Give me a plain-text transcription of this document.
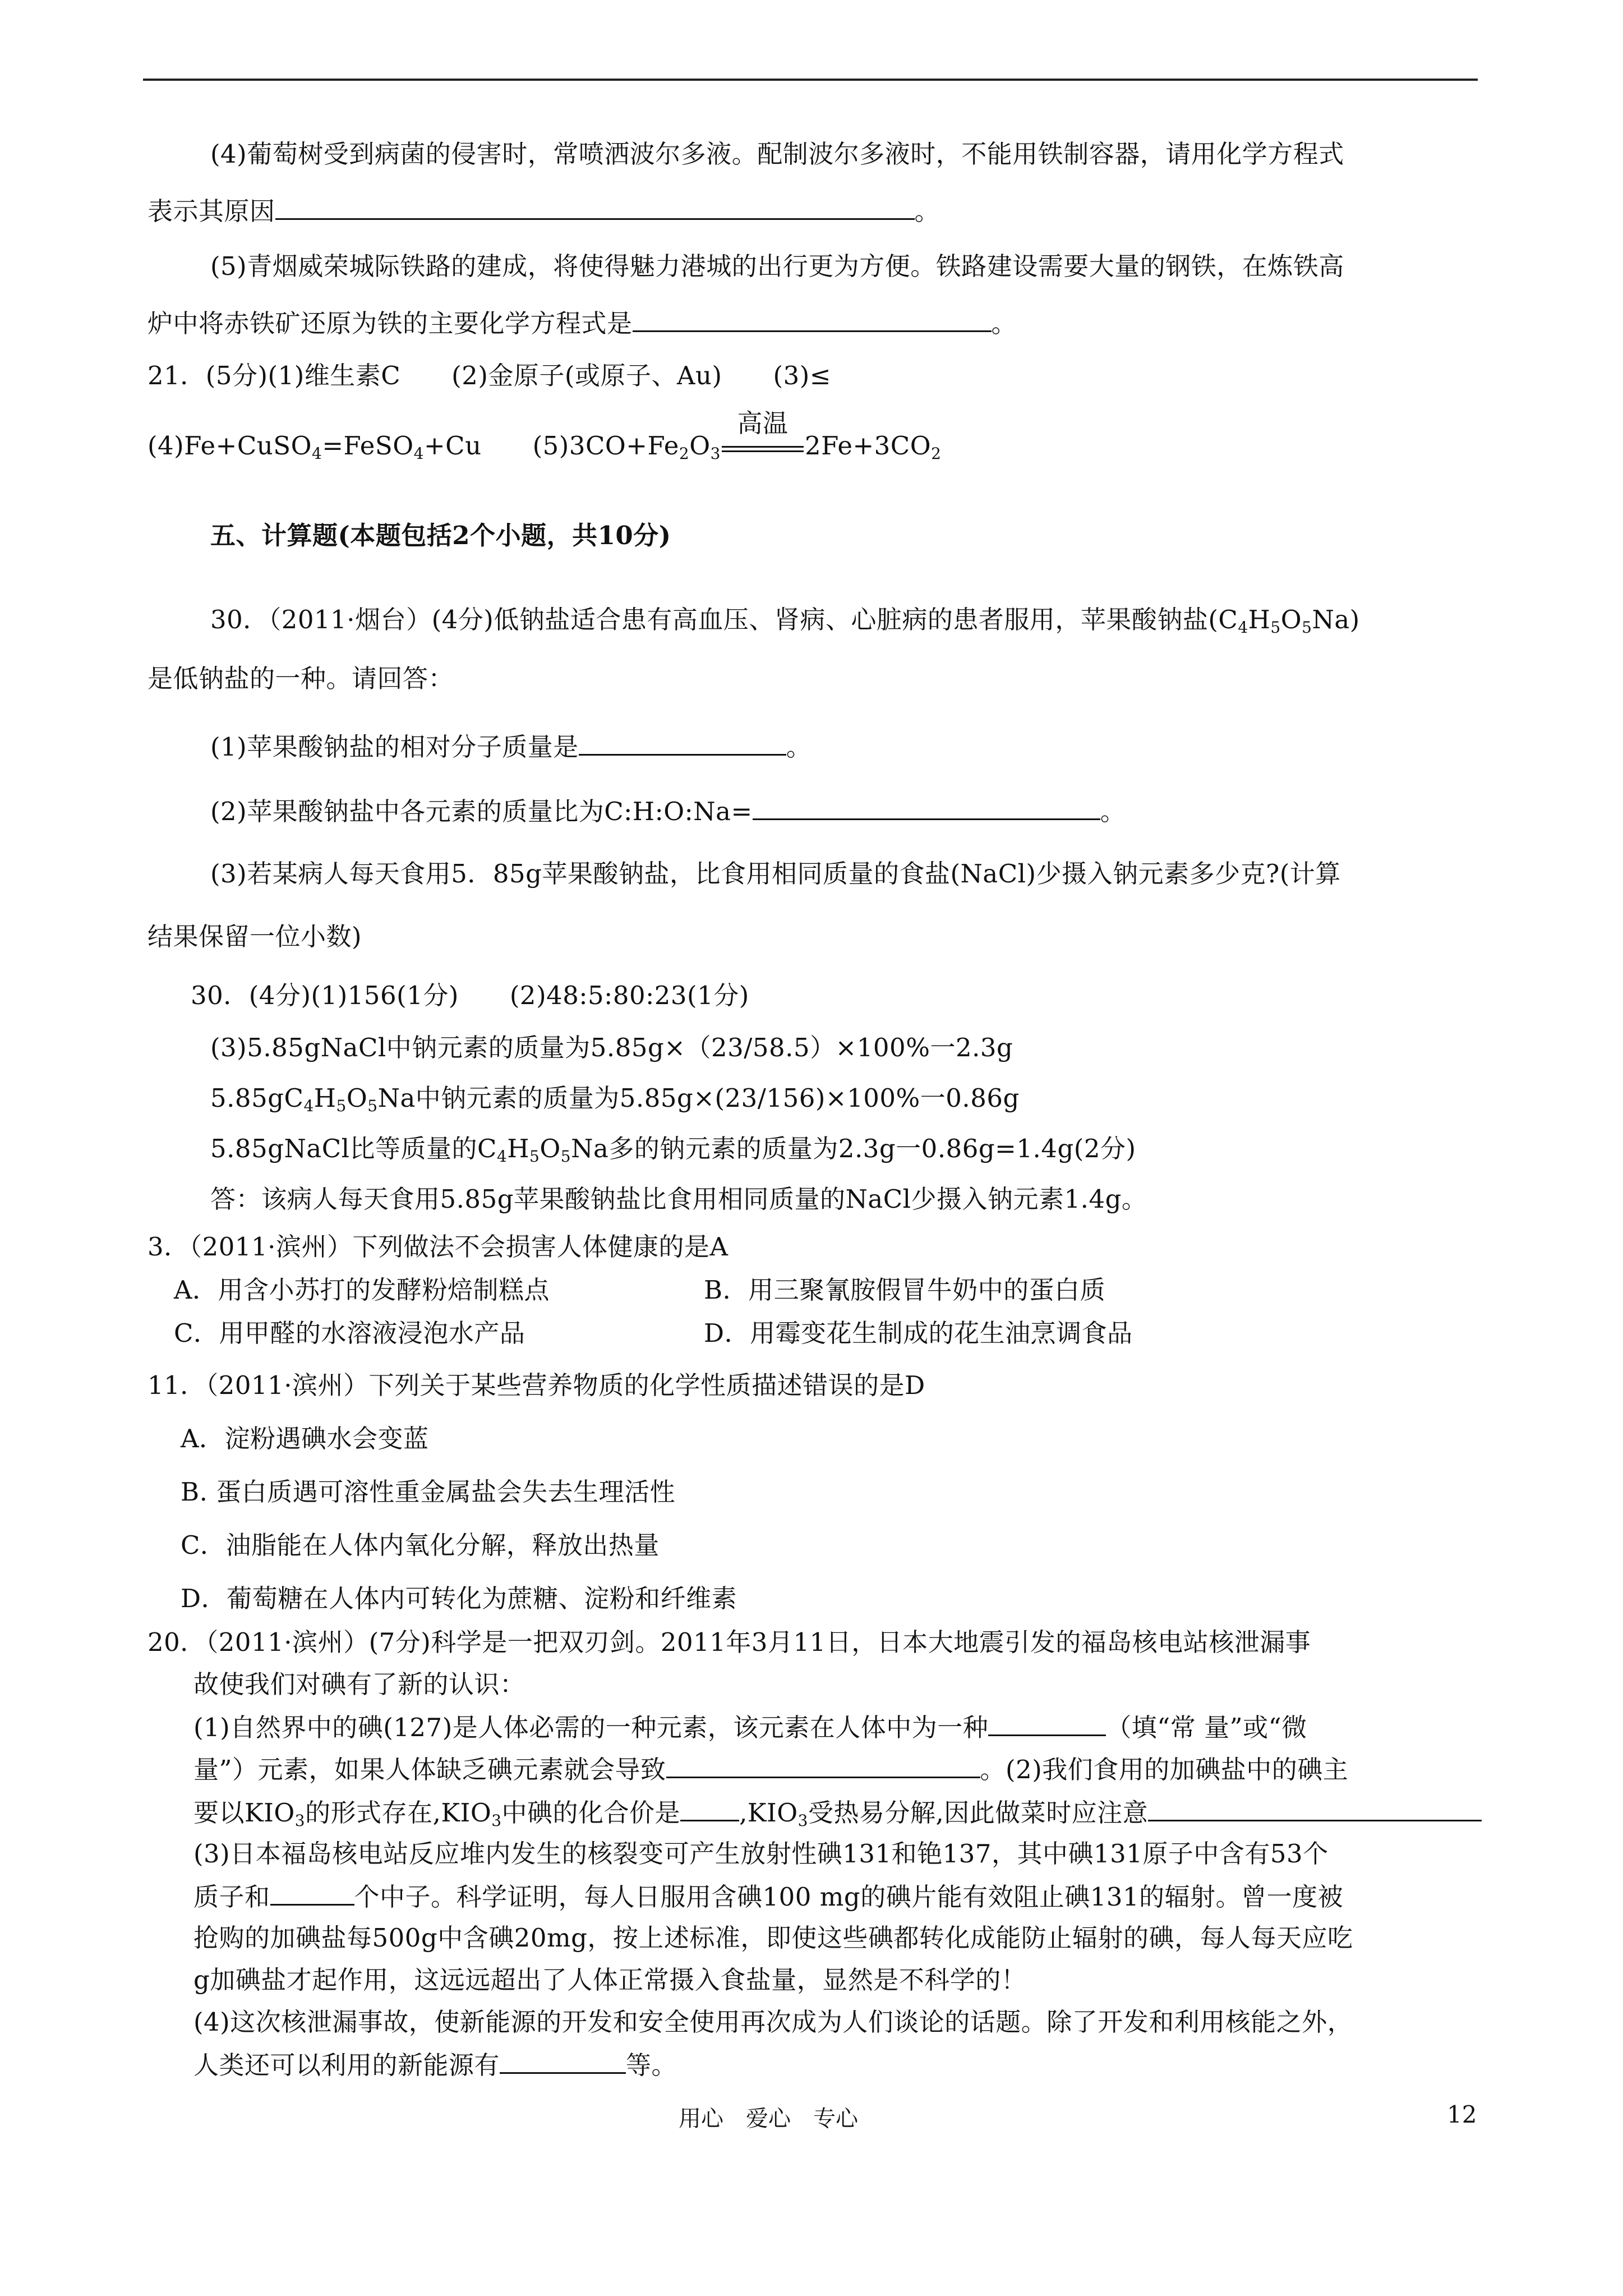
(4)葡萄树受到病菌的侵害时，常喷洒波尔多液。配制波尔多液时，不能用铁制容器，请用化学方程式
表示其原因	。
(5)青烟威荣城际铁路的建成，将使得魅力港城的出行更为方便。铁路建设需要大量的钢铁，在炼铁高
炉中将赤铁矿还原为铁的主要化学方程式是	。
21．(5分)(1)维生素C　　(2)金原子(或原子、Au)　　(3)≤
(4)Fe+CuSO$_4$=FeSO$_4$+Cu　　$(5)3CO+Fe_2O_3$
高温
$2Fe+3CO_2$
五、计算题(本题包括2个小题，共10分)
30．（2011·烟台）(4分)低钠盐适合患有高血压、肾病、心脏病的患者服用，苹果酸钠盐$(C_4H_5O_5Na)$
是低钠盐的一种。请回答：
(1)苹果酸钠盐的相对分子质量是	。
(2)苹果酸钠盐中各元素的质量比为C:H:O:Na=	。
(3)若某病人每天食用5．85g苹果酸钠盐，比食用相同质量的食盐(NaCl)少摄入钠元素多少克?(计算
结果保留一位小数)
30．(4分)(1)156(1分)　　(2)48:5:80:23(1分)
(3)5.85gNaCl中钠元素的质量为5.85g×（23/58.5）×100%一2.3g
$5.85gC_4H_5O_5Na$中钠元素的质量为5.85g×(23/156)×100%一0.86g
5.85gNaCl比等质量的$C_4H_5O_5Na$多的钠元素的质量为2.3g一0.86g=1.4g(2分)
答：该病人每天食用5.85g苹果酸钠盐比食用相同质量的NaCl少摄入钠元素1.4g。
3．（2011·滨州）下列做法不会损害人体健康的是A
A．用含小苏打的发酵粉焙制糕点	B．用三聚氰胺假冒牛奶中的蛋白质
C．用甲醛的水溶液浸泡水产品	D．用霉变花生制成的花生油烹调食品
11．（2011·滨州）下列关于某些营养物质的化学性质描述错误的是D
A．淀粉遇碘水会变蓝
B. 蛋白质遇可溶性重金属盐会失去生理活性
C．油脂能在人体内氧化分解，释放出热量
D．葡萄糖在人体内可转化为蔗糖、淀粉和纤维素
20．（2011·滨州）(7分)科学是一把双刃剑。2011年3月11日，日本大地震引发的福岛核电站核泄漏事
故使我们对碘有了新的认识：
(1)自然界中的碘(127)是人体必需的一种元素，该元素在人体中为一种	（填“常 量”或“微
量”）元素，如果人体缺乏碘元素就会导致	。(2)我们食用的加碘盐中的碘主
要以$KIO_3$的形式存在$,KIO_3$中碘的化合价是 $,KIO_3$受热易分解,因此做菜时应注意
(3)日本福岛核电站反应堆内发生的核裂变可产生放射性碘131和铯137，其中碘131原子中含有53个
质子和	个中子。科学证明，每人日服用含碘100 mg的碘片能有效阻止碘131的辐射。曾一度被
抢购的加碘盐每500g中含碘20mg，按上述标准，即使这些碘都转化成能防止辐射的碘，每人每天应吃
g加碘盐才起作用，这远远超出了人体正常摄入食盐量，显然是不科学的！
(4)这次核泄漏事故，使新能源的开发和安全使用再次成为人们谈论的话题。除了开发和利用核能之外，
人类还可以利用的新能源有	等。
用心　爱心　专心	12
